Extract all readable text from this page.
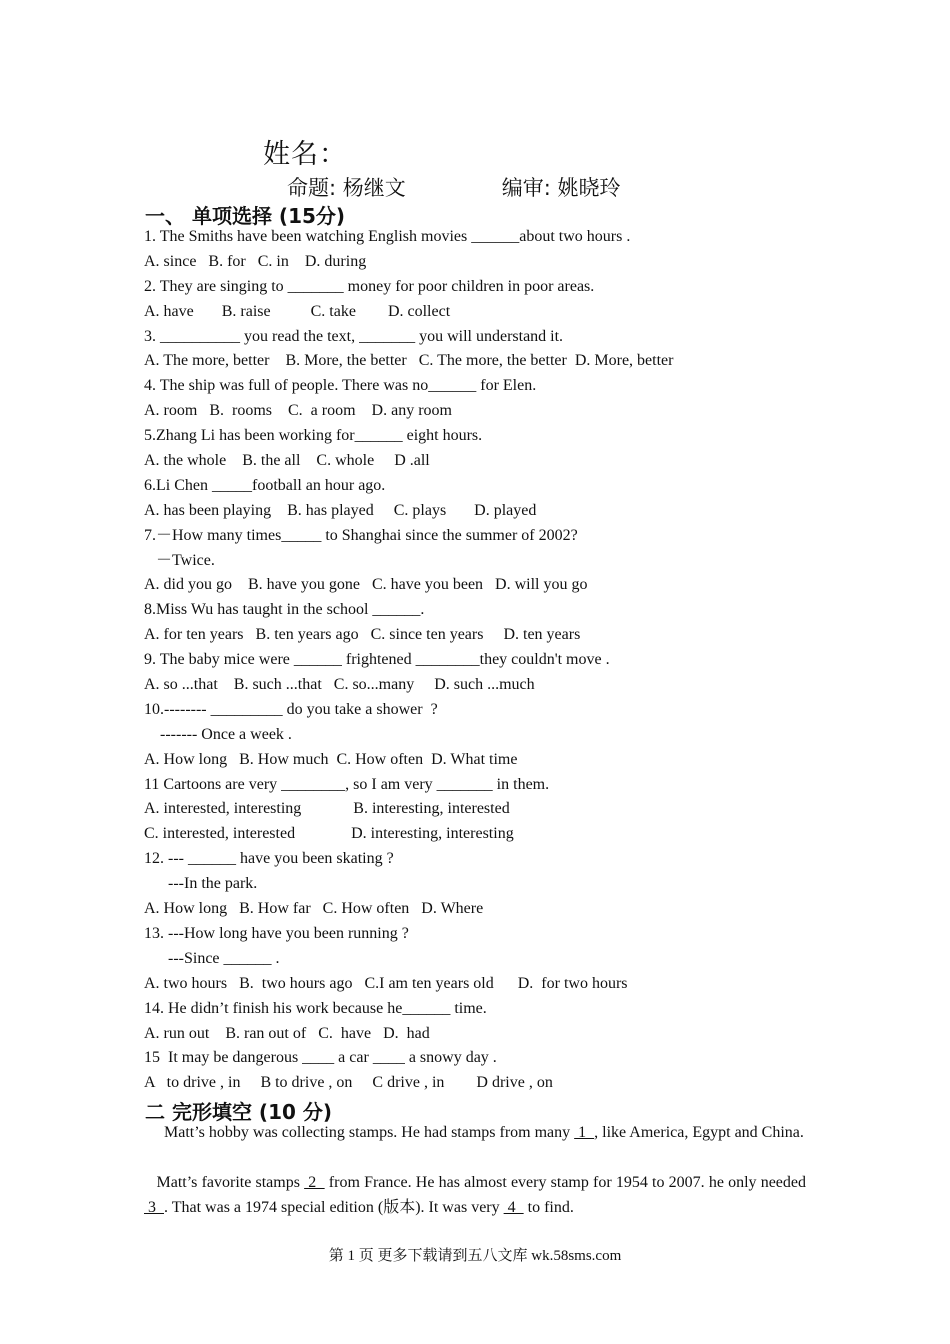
姓名：
命题: 杨继文	编审: 姚晓玲
一、 单项选择 (15分)
1. The Smiths have been watching English movies ______about two hours .
A. since   B. for   C. in    D. during
2. They are singing to _______ money for poor children in poor areas.
A. have       B. raise          C. take        D. collect
3. __________ you read the text, _______ you will understand it.
A. The more, better    B. More, the better   C. The more, the better  D. More, better
4. The ship was full of people. There was no______ for Elen.
A. room   B.  rooms    C.  a room    D. any room
5.Zhang Li has been working for______ eight hours.
A. the whole    B. the all    C. whole     D .all
6.Li Chen _____football an hour ago.
A. has been playing    B. has played     C. plays       D. played
7.－How many times_____ to Shanghai since the summer of 2002?
－Twice.
A. did you go    B. have you gone   C. have you been   D. will you go
8.Miss Wu has taught in the school ______.
A. for ten years   B. ten years ago   C. since ten years     D. ten years
9. The baby mice were ______ frightened ________they couldn't move .
A. so ...that    B. such ...that   C. so...many     D. such ...much
10.-------- _________ do you take a shower  ?
------- Once a week .
A. How long   B. How much  C. How often  D. What time
11 Cartoons are very ________, so I am very _______ in them.
A. interested, interesting             B. interesting, interested
C. interested, interested              D. interesting, interesting
12. --- ______ have you been skating ?
---In the park.
A. How long   B. How far   C. How often   D. Where
13. ---How long have you been running ?
---Since ______ .
A. two hours   B.  two hours ago   C.I am ten years old      D.  for two hours
14. He didn’t finish his work because he______ time.
A. run out    B. ran out of   C.  have   D.  had
15  It may be dangerous ____ a car ____ a snowy day .
A   to drive , in     B to drive , on     C drive , in        D drive , on
二 完形填空 (10 分)
Matt’s hobby was collecting stamps. He had stamps from many  1  , like America, Egypt and China.
Matt’s favorite stamps  2   from France. He has almost every stamp for 1954 to 2007. he only needed  3  . That was a 1974 special edition (版本). It was very  4   to find.
第 1 页 更多下载请到五八文库 wk.58sms.com
